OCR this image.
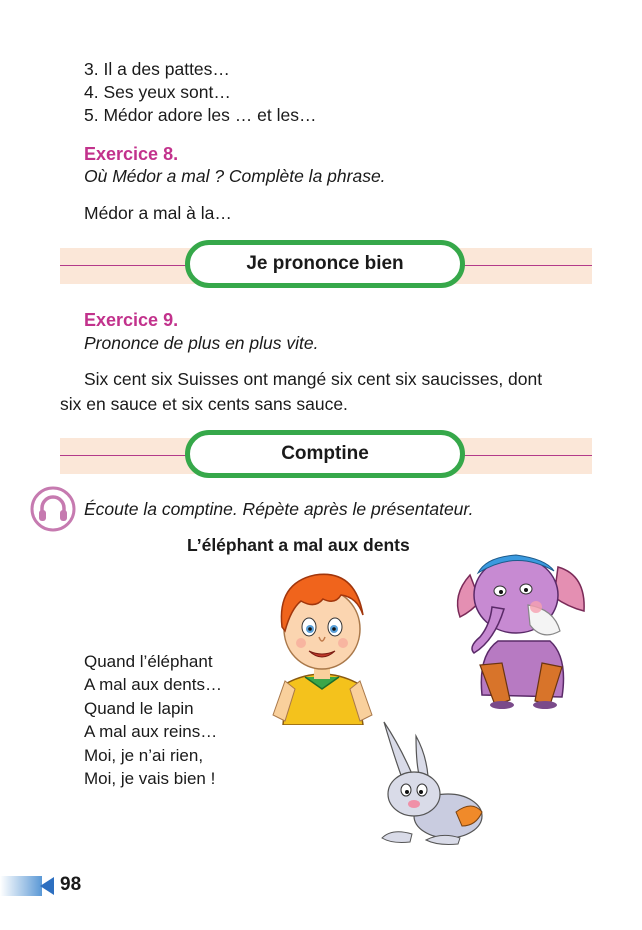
3. Il a des pattes…
4. Ses yeux sont…
5. Médor adore les … et les…
Exercice 8.
Où Médor a mal ? Complète la phrase.
Médor a mal à la…
Je prononce bien
Exercice 9.
Prononce de plus en plus vite.
Six cent six Suisses ont mangé six cent six saucisses, dont
six en sauce et six cents sans sauce.
Comptine
Écoute la comptine. Répète après le présentateur.
L’éléphant a mal aux dents
Quand l’éléphant
A mal aux dents…
Quand le lapin
A mal aux reins…
Moi, je n’ai rien,
Moi, je vais bien !
98
